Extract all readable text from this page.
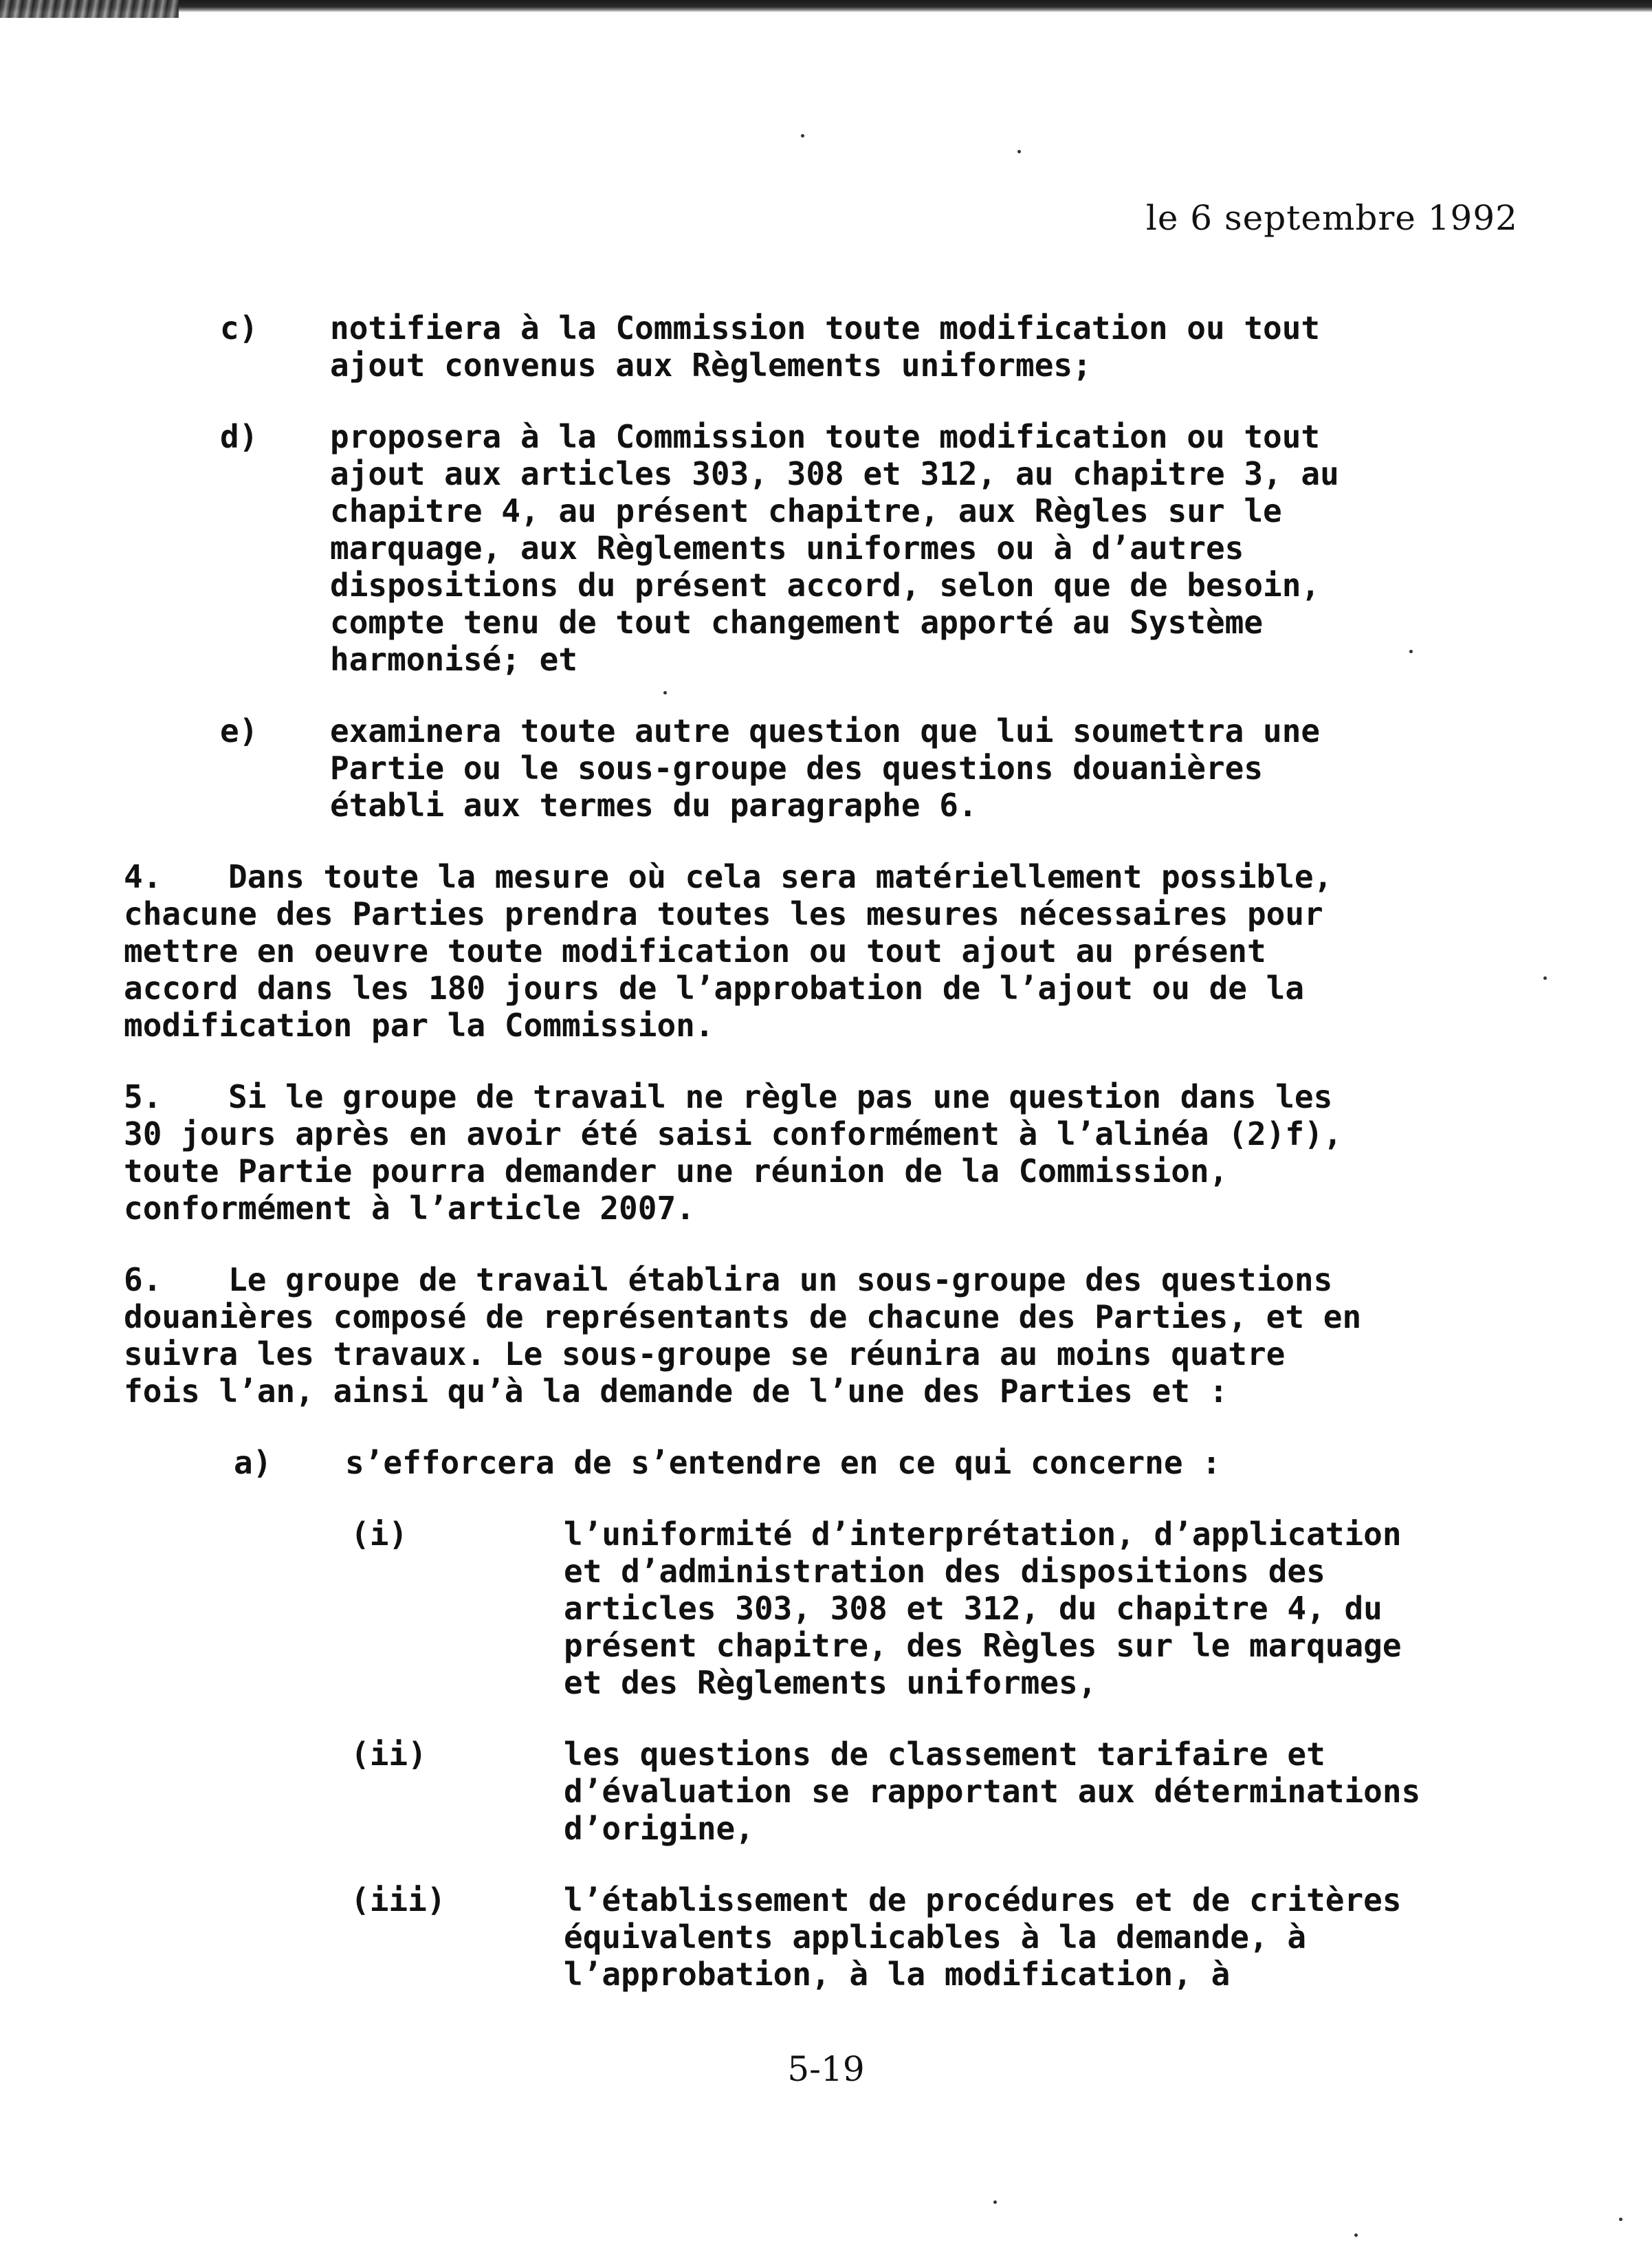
le 6 septembre 1992
c) notifiera à la Commission toute modification ou tout
ajout convenus aux Règlements uniformes;
d) proposera à la Commission toute modification ou tout
ajout aux articles 303, 308 et 312, au chapitre 3, au
chapitre 4, au présent chapitre, aux Règles sur le
marquage, aux Règlements uniformes ou à d’autres
dispositions du présent accord, selon que de besoin,
compte tenu de tout changement apporté au Système
harmonisé; et
e) examinera toute autre question que lui soumettra une
Partie ou le sous-groupe des questions douanières
établi aux termes du paragraphe 6.
4. Dans toute la mesure où cela sera matériellement possible,
chacune des Parties prendra toutes les mesures nécessaires pour
mettre en oeuvre toute modification ou tout ajout au présent
accord dans les 180 jours de l’approbation de l’ajout ou de la
modification par la Commission.
5. Si le groupe de travail ne règle pas une question dans les
30 jours après en avoir été saisi conformément à l’alinéa (2)f),
toute Partie pourra demander une réunion de la Commission,
conformément à l’article 2007.
6. Le groupe de travail établira un sous-groupe des questions
douanières composé de représentants de chacune des Parties, et en
suivra les travaux. Le sous-groupe se réunira au moins quatre
fois l’an, ainsi qu’à la demande de l’une des Parties et :
a) s’efforcera de s’entendre en ce qui concerne :
(i)	l’uniformité d’interprétation, d’application
et d’administration des dispositions des
articles 303, 308 et 312, du chapitre 4, du
présent chapitre, des Règles sur le marquage
et des Règlements uniformes,
(ii)	les questions de classement tarifaire et
d’évaluation se rapportant aux déterminations
d’origine,
(iii)	l’établissement de procédures et de critères
équivalents applicables à la demande, à
l’approbation, à la modification, à
5-19
